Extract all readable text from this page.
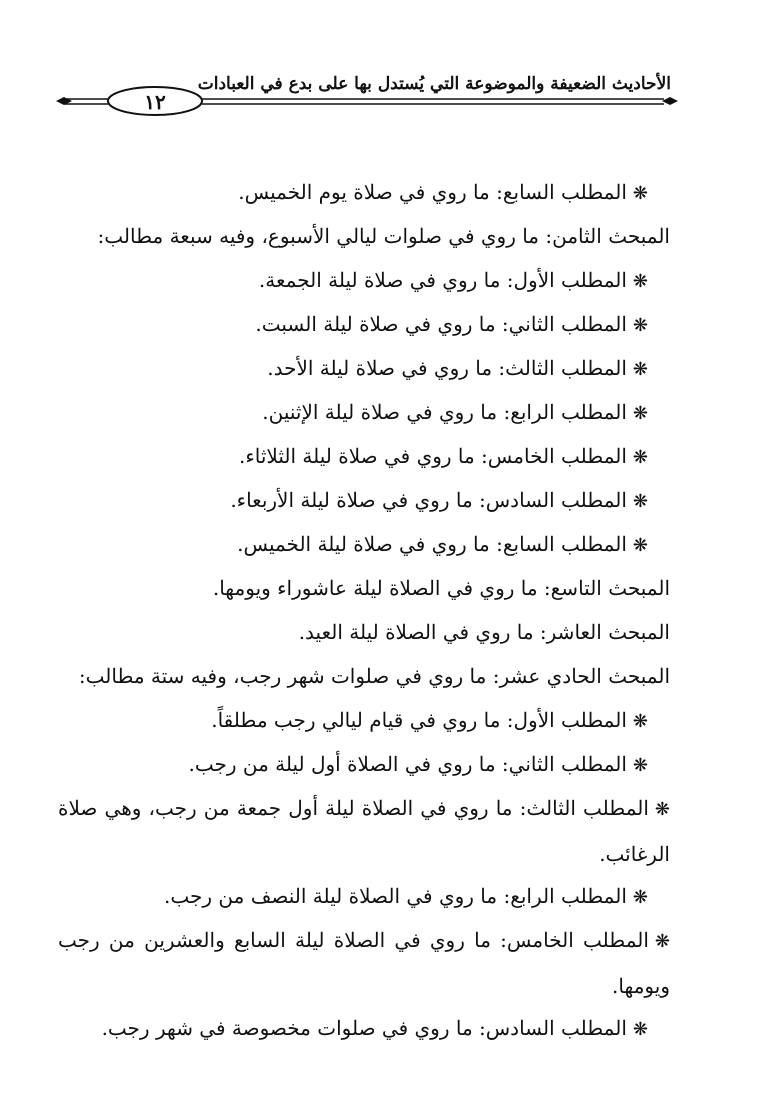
١٢
الأحاديث الضعيفة والموضوعة التي يُستدل بها على بدع في العبادات
❋المطلب السابع: ما روي في صلاة يوم الخميس.
المبحث الثامن: ما روي في صلوات ليالي الأسبوع، وفيه سبعة مطالب:
❋المطلب الأول: ما روي في صلاة ليلة الجمعة.
❋المطلب الثاني: ما روي في صلاة ليلة السبت.
❋المطلب الثالث: ما روي في صلاة ليلة الأحد.
❋المطلب الرابع: ما روي في صلاة ليلة الإثنين.
❋المطلب الخامس: ما روي في صلاة ليلة الثلاثاء.
❋المطلب السادس: ما روي في صلاة ليلة الأربعاء.
❋المطلب السابع: ما روي في صلاة ليلة الخميس.
المبحث التاسع: ما روي في الصلاة ليلة عاشوراء ويومها.
المبحث العاشر: ما روي في الصلاة ليلة العيد.
المبحث الحادي عشر: ما روي في صلوات شهر رجب، وفيه ستة مطالب:
❋المطلب الأول: ما روي في قيام ليالي رجب مطلقاً.
❋المطلب الثاني: ما روي في الصلاة أول ليلة من رجب.
❋المطلب الثالث: ما روي في الصلاة ليلة أول جمعة من رجب، وهي صلاة الرغائب.
❋المطلب الرابع: ما روي في الصلاة ليلة النصف من رجب.
❋المطلب الخامس: ما روي في الصلاة ليلة السابع والعشرين من رجب ويومها.
❋المطلب السادس: ما روي في صلوات مخصوصة في شهر رجب.
